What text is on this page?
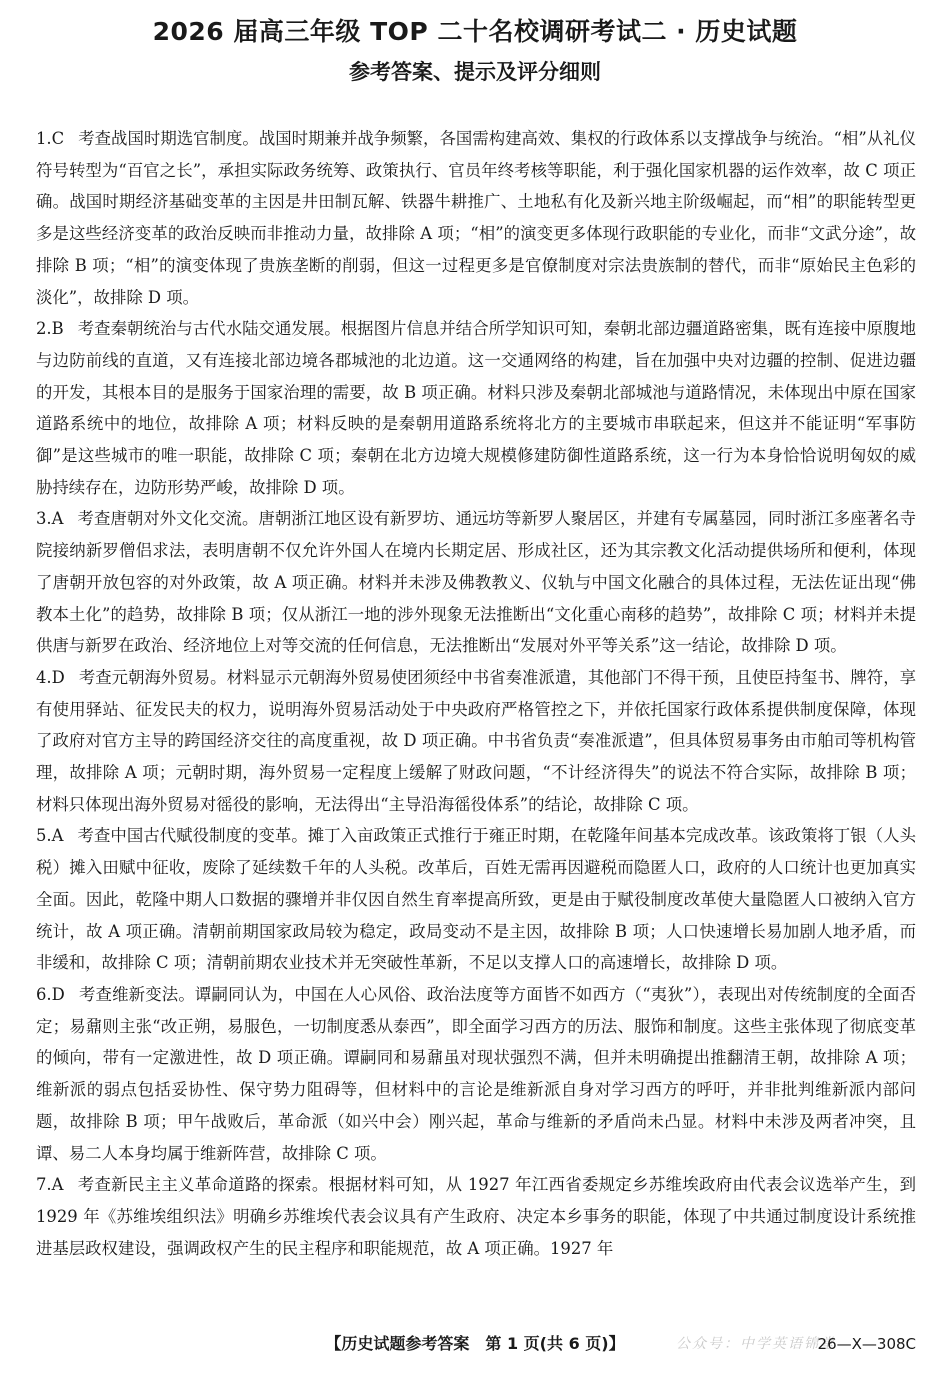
2026 届高三年级 TOP 二十名校调研考试二 · 历史试题
参考答案、提示及评分细则

1.C 考查战国时期选官制度。战国时期兼并战争频繁，各国需构建高效、集权的行政体系以支撑战争与统治。“相”从礼仪符号转型为“百官之长”，承担实际政务统筹、政策执行、官员年终考核等职能，利于强化国家机器的运作效率，故 C 项正确。战国时期经济基础变革的主因是井田制瓦解、铁器牛耕推广、土地私有化及新兴地主阶级崛起，而“相”的职能转型更多是这些经济变革的政治反映而非推动力量，故排除 A 项；“相”的演变更多体现行政职能的专业化，而非“文武分途”，故排除 B 项；“相”的演变体现了贵族垄断的削弱，但这一过程更多是官僚制度对宗法贵族制的替代，而非“原始民主色彩的淡化”，故排除 D 项。

2.B 考查秦朝统治与古代水陆交通发展。根据图片信息并结合所学知识可知，秦朝北部边疆道路密集，既有连接中原腹地与边防前线的直道，又有连接北部边境各郡城池的北边道。这一交通网络的构建，旨在加强中央对边疆的控制、促进边疆的开发，其根本目的是服务于国家治理的需要，故 B 项正确。材料只涉及秦朝北部城池与道路情况，未体现出中原在国家道路系统中的地位，故排除 A 项；材料反映的是秦朝用道路系统将北方的主要城市串联起来，但这并不能证明“军事防御”是这些城市的唯一职能，故排除 C 项；秦朝在北方边境大规模修建防御性道路系统，这一行为本身恰恰说明匈奴的威胁持续存在，边防形势严峻，故排除 D 项。

3.A 考查唐朝对外文化交流。唐朝浙江地区设有新罗坊、通远坊等新罗人聚居区，并建有专属墓园，同时浙江多座著名寺院接纳新罗僧侣求法，表明唐朝不仅允许外国人在境内长期定居、形成社区，还为其宗教文化活动提供场所和便利，体现了唐朝开放包容的对外政策，故 A 项正确。材料并未涉及佛教教义、仪轨与中国文化融合的具体过程，无法佐证出现“佛教本土化”的趋势，故排除 B 项；仅从浙江一地的涉外现象无法推断出“文化重心南移的趋势”，故排除 C 项；材料并未提供唐与新罗在政治、经济地位上对等交流的任何信息，无法推断出“发展对外平等关系”这一结论，故排除 D 项。

4.D 考查元朝海外贸易。材料显示元朝海外贸易使团须经中书省奏准派遣，其他部门不得干预，且使臣持玺书、牌符，享有使用驿站、征发民夫的权力，说明海外贸易活动处于中央政府严格管控之下，并依托国家行政体系提供制度保障，体现了政府对官方主导的跨国经济交往的高度重视，故 D 项正确。中书省负责“奏准派遣”，但具体贸易事务由市舶司等机构管理，故排除 A 项；元朝时期，海外贸易一定程度上缓解了财政问题，“不计经济得失”的说法不符合实际，故排除 B 项；材料只体现出海外贸易对徭役的影响，无法得出“主导沿海徭役体系”的结论，故排除 C 项。

5.A 考查中国古代赋役制度的变革。摊丁入亩政策正式推行于雍正时期，在乾隆年间基本完成改革。该政策将丁银（人头税）摊入田赋中征收，废除了延续数千年的人头税。改革后，百姓无需再因避税而隐匿人口，政府的人口统计也更加真实全面。因此，乾隆中期人口数据的骤增并非仅因自然生育率提高所致，更是由于赋役制度改革使大量隐匿人口被纳入官方统计，故 A 项正确。清朝前期国家政局较为稳定，政局变动不是主因，故排除 B 项；人口快速增长易加剧人地矛盾，而非缓和，故排除 C 项；清朝前期农业技术并无突破性革新，不足以支撑人口的高速增长，故排除 D 项。

6.D 考查维新变法。谭嗣同认为，中国在人心风俗、政治法度等方面皆不如西方（“夷狄”），表现出对传统制度的全面否定；易鼐则主张“改正朔，易服色，一切制度悉从泰西”，即全面学习西方的历法、服饰和制度。这些主张体现了彻底变革的倾向，带有一定激进性，故 D 项正确。谭嗣同和易鼐虽对现状强烈不满，但并未明确提出推翻清王朝，故排除 A 项；维新派的弱点包括妥协性、保守势力阻碍等，但材料中的言论是维新派自身对学习西方的呼吁，并非批判维新派内部问题，故排除 B 项；甲午战败后，革命派（如兴中会）刚兴起，革命与维新的矛盾尚未凸显。材料中未涉及两者冲突，且谭、易二人本身均属于维新阵营，故排除 C 项。

7.A 考查新民主主义革命道路的探索。根据材料可知，从 1927 年江西省委规定乡苏维埃政府由代表会议选举产生，到 1929 年《苏维埃组织法》明确乡苏维埃代表会议具有产生政府、决定本乡事务的职能，体现了中共通过制度设计系统推进基层政权建设，强调政权产生的民主程序和职能规范，故 A 项正确。1927 年

【历史试题参考答案　第 1 页(共 6 页)】	公众号：中学英语锦堂
26—X—308C
